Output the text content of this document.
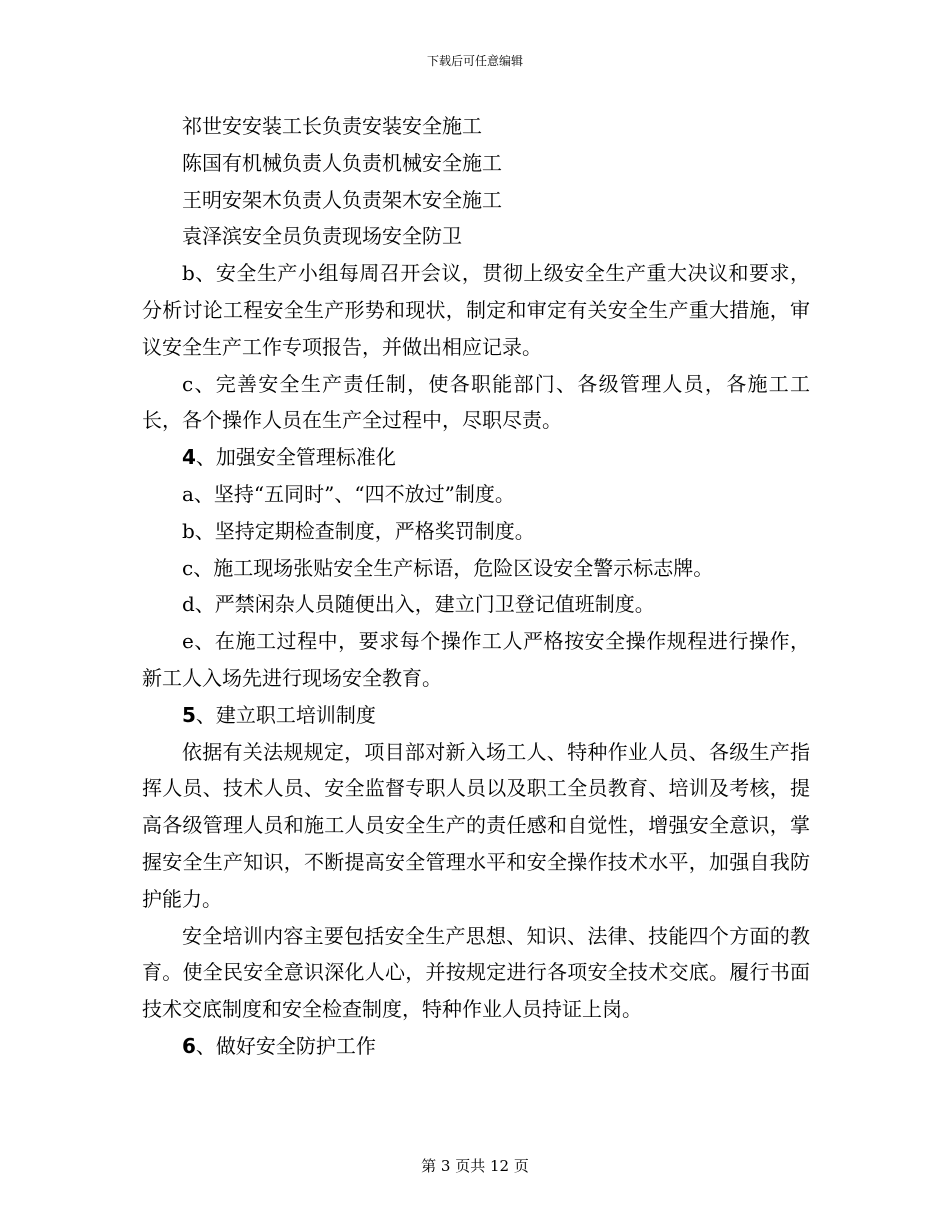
下载后可任意编辑

祁世安安装工长负责安装安全施工

陈国有机械负责人负责机械安全施工

王明安架木负责人负责架木安全施工

袁泽滨安全员负责现场安全防卫

b、安全生产小组每周召开会议，贯彻上级安全生产重大决议和要求，分析讨论工程安全生产形势和现状，制定和审定有关安全生产重大措施，审议安全生产工作专项报告，并做出相应记录。

c、完善安全生产责任制，使各职能部门、各级管理人员，各施工工长，各个操作人员在生产全过程中，尽职尽责。

4、加强安全管理标准化

a、坚持“五同时”、“四不放过”制度。

b、坚持定期检查制度，严格奖罚制度。

c、施工现场张贴安全生产标语，危险区设安全警示标志牌。

d、严禁闲杂人员随便出入，建立门卫登记值班制度。

e、在施工过程中，要求每个操作工人严格按安全操作规程进行操作，新工人入场先进行现场安全教育。

5、建立职工培训制度

依据有关法规规定，项目部对新入场工人、特种作业人员、各级生产指挥人员、技术人员、安全监督专职人员以及职工全员教育、培训及考核，提高各级管理人员和施工人员安全生产的责任感和自觉性，增强安全意识，掌握安全生产知识，不断提高安全管理水平和安全操作技术水平，加强自我防护能力。

安全培训内容主要包括安全生产思想、知识、法律、技能四个方面的教育。使全民安全意识深化人心，并按规定进行各项安全技术交底。履行书面技术交底制度和安全检查制度，特种作业人员持证上岗。

6、做好安全防护工作

第 3 页共 12 页
